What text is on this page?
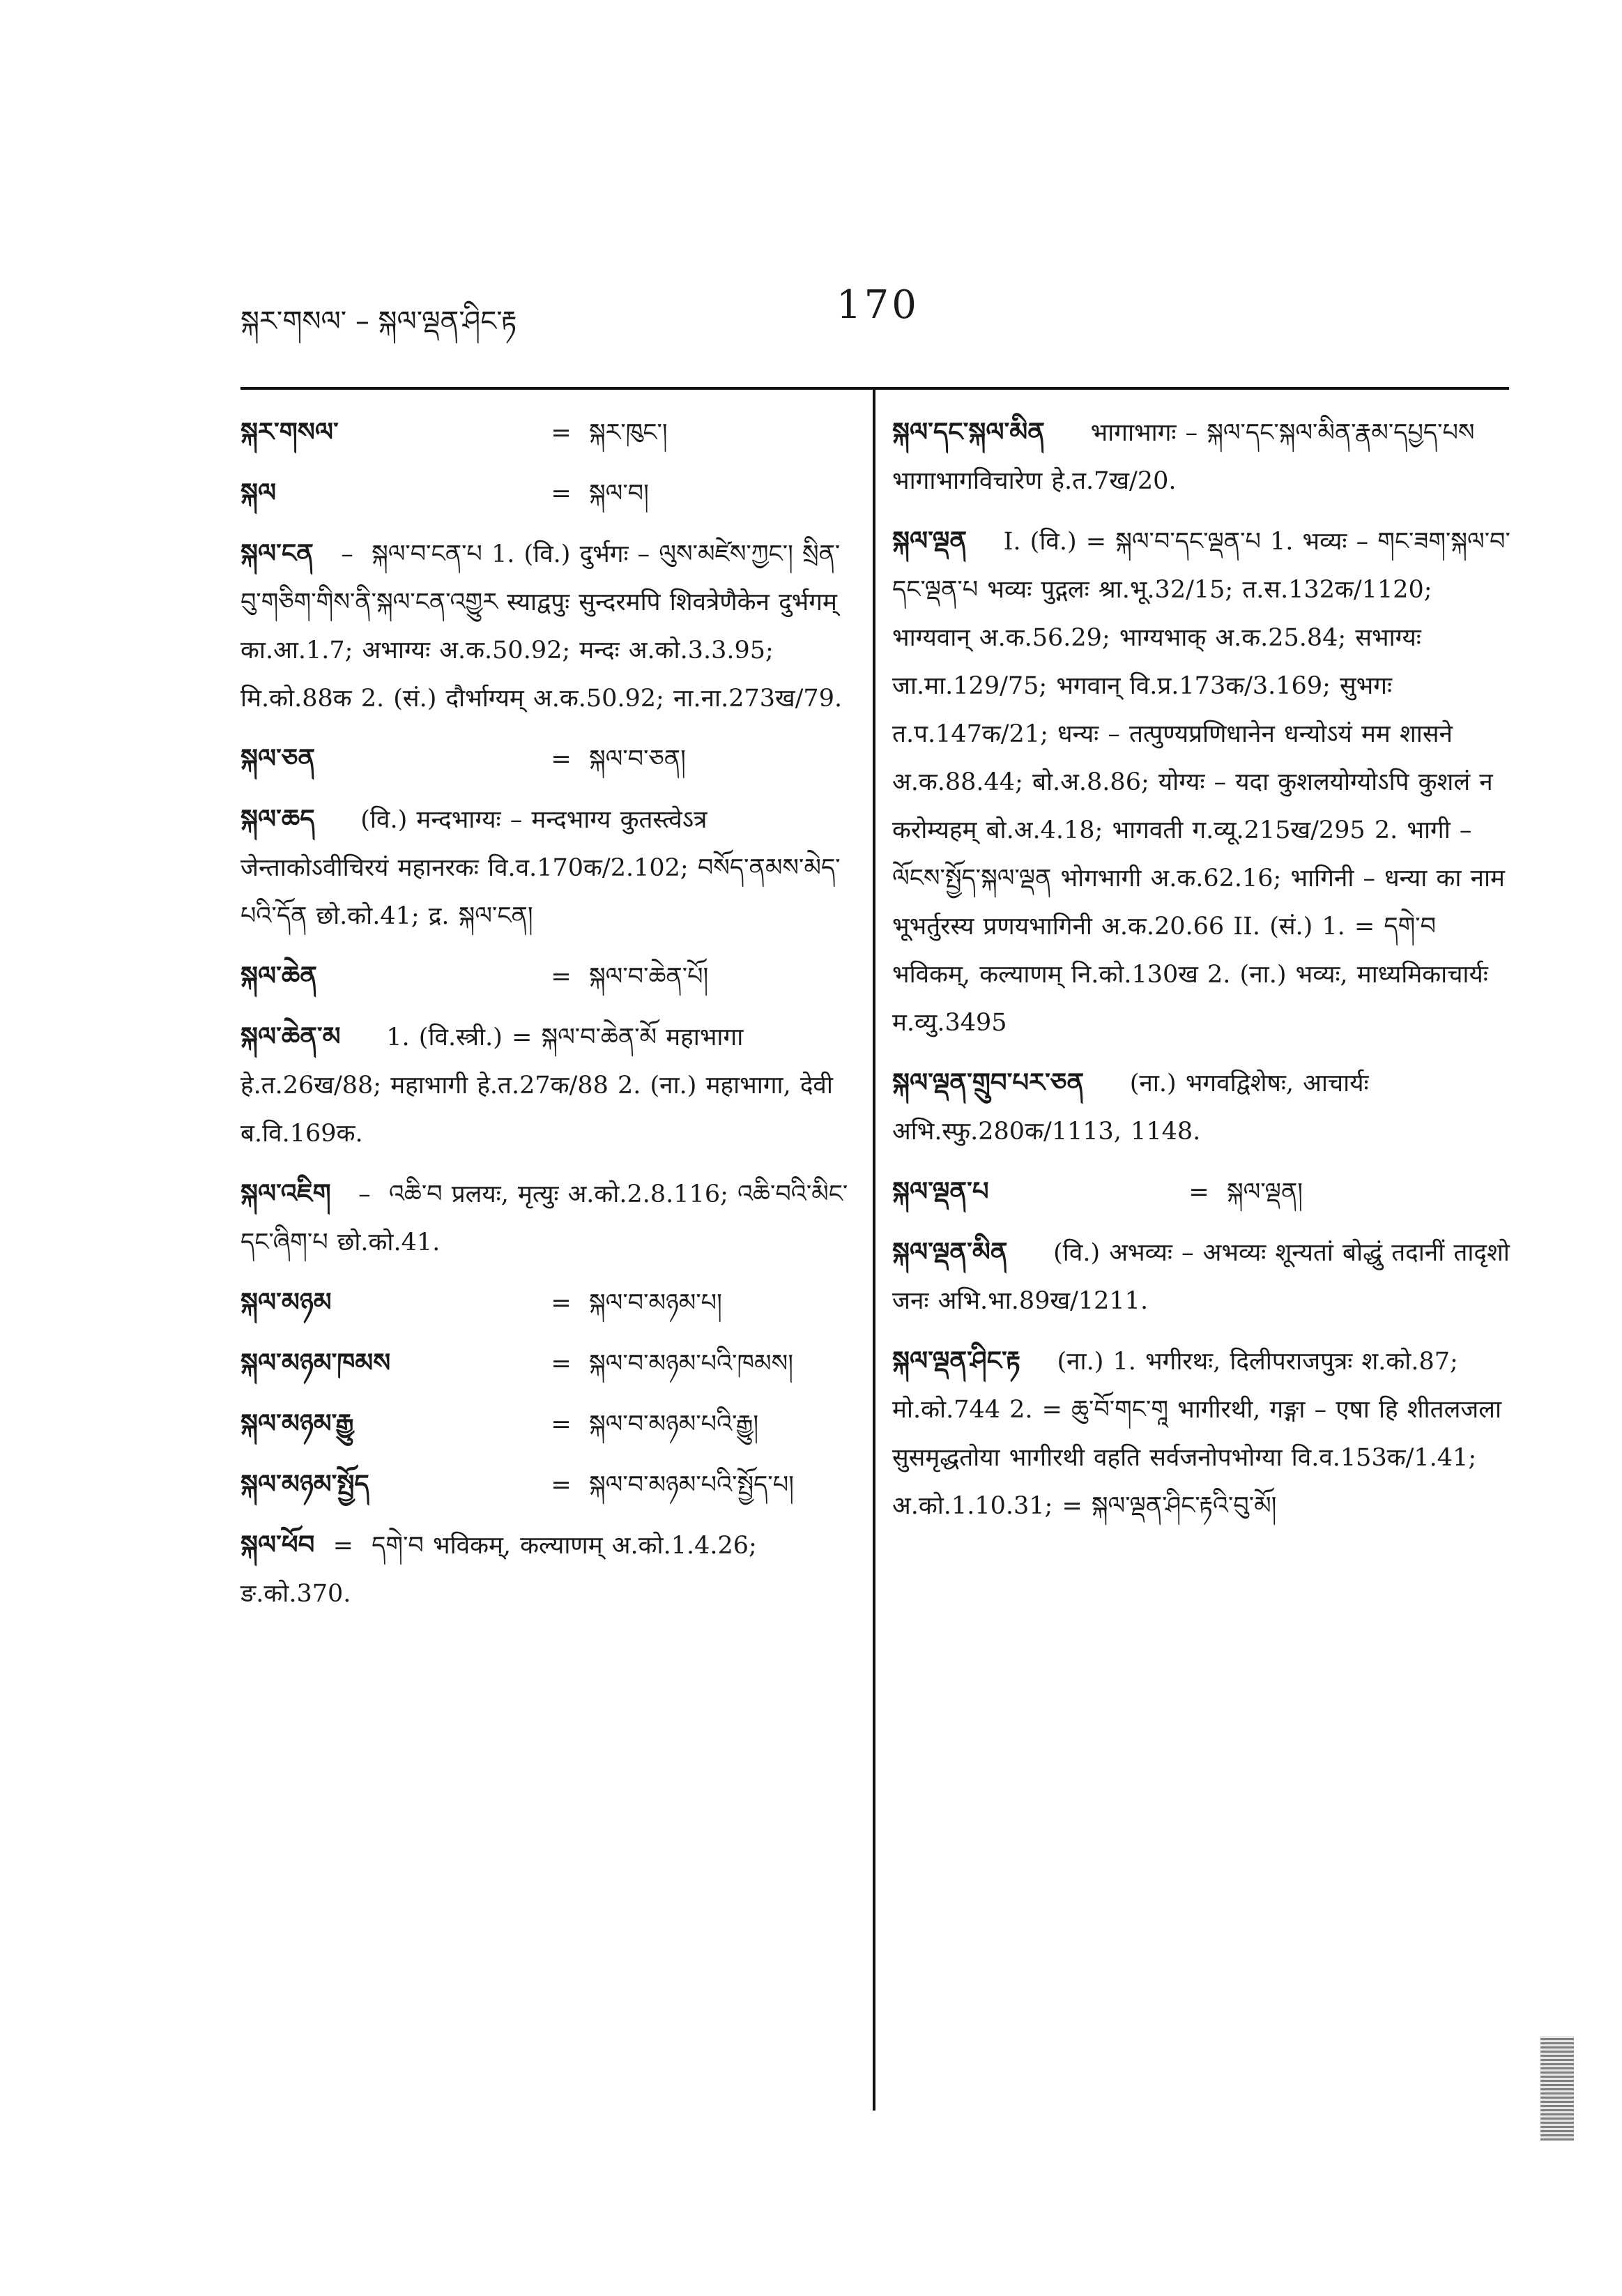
སྐར་གསལ་ – སྐལ་ལྡན་ཤིང་རྟ	170
སྐར་གསལ་	= སྐར་ཁུང་།
སྐལ	= སྐལ་བ།
སྐལ་ངན – སྐལ་བ་ངན་པ 1. (वि.) दुर्भगः – ལུས་མཛེས་ཀྱང་། སྲིན་བུ་གཅིག་གིས་ནི་སྐལ་ངན་འགྱུར स्याद्वपुः सुन्दरमपि शिवत्रेणैकेन दुर्भगम् का.आ.1.7; अभाग्यः अ.क.50.92; मन्दः अ.को.3.3.95; मि.को.88क 2. (सं.) दौर्भाग्यम् अ.क.50.92; ना.ना.273ख/79.
སྐལ་ཅན	= སྐལ་བ་ཅན།
སྐལ་ཆད (वि.) मन्दभाग्यः – मन्दभाग्य कुतस्त्वेऽत्र जेन्ताकोऽवीचिरयं महानरकः वि.व.170क/2.102; བསོད་ནམས་མེད་པའི་དོན छो.को.41; द्र. སྐལ་ངན།
སྐལ་ཆེན	= སྐལ་བ་ཆེན་པོ།
སྐལ་ཆེན་མ 1. (वि.स्त्री.) = སྐལ་བ་ཆེན་མོ महाभागा हे.त.26ख/88; महाभागी हे.त.27क/88 2. (ना.) महाभागा, देवी ब.वि.169क.
སྐལ་འཇིག – འཆི་བ प्रलयः, मृत्युः अ.को.2.8.116; འཆི་བའི་མིང་དང་ཞིག་པ छो.को.41.
སྐལ་མཉམ	= སྐལ་བ་མཉམ་པ།
སྐལ་མཉམ་ཁམས	= སྐལ་བ་མཉམ་པའི་ཁམས།
སྐལ་མཉམ་རྒྱུ	= སྐལ་བ་མཉམ་པའི་རྒྱུ།
སྐལ་མཉམ་སྤྱོད	= སྐལ་བ་མཉམ་པའི་སྤྱོད་པ།
སྐལ་ཕོབ = དགེ་བ भविकम्, कल्याणम् अ.को.1.4.26; ङ.को.370.
སྐལ་དང་སྐལ་མིན भागाभागः – སྐལ་དང་སྐལ་མིན་རྣམ་དཔྱད་པས भागाभागविचारेण हे.त.7ख/20.
སྐལ་ལྡན I. (वि.) = སྐལ་བ་དང་ལྡན་པ 1. भव्यः – གང་ཟག་སྐལ་བ་དང་ལྡན་པ भव्यः पुद्गलः श्रा.भू.32/15; त.स.132क/1120; भाग्यवान् अ.क.56.29; भाग्यभाक् अ.क.25.84; सभाग्यः जा.मा.129/75; भगवान् वि.प्र.173क/3.169; सुभगः त.प.147क/21; धन्यः – तत्पुण्यप्रणिधानेन धन्योऽयं मम शासने अ.क.88.44; बो.अ.8.86; योग्यः – यदा कुशलयोग्योऽपि कुशलं न करोम्यहम् बो.अ.4.18; भागवती ग.व्यू.215ख/295 2. भागी – ལོངས་སྤྱོད་སྐལ་ལྡན भोगभागी अ.क.62.16; भागिनी – धन्या का नाम भूभर्तुरस्य प्रणयभागिनी अ.क.20.66 II. (सं.) 1. = དགེ་བ भविकम्, कल्याणम् नि.को.130ख 2. (ना.) भव्यः, माध्यमिकाचार्यः म.व्यु.3495
སྐལ་ལྡན་གྲུབ་པར་ཅན (ना.) भगवद्विशेषः, आचार्यः अभि.स्फु.280क/1113, 1148.
སྐལ་ལྡན་པ	= སྐལ་ལྡན།
སྐལ་ལྡན་མིན (वि.) अभव्यः – अभव्यः शून्यतां बोद्धुं तदानीं तादृशो जनः अभि.भा.89ख/1211.
སྐལ་ལྡན་ཤིང་རྟ (ना.) 1. भगीरथः, दिलीपराजपुत्रः श.को.87; मो.को.744 2. = ཆུ་བོ་གང་གཱ भागीरथी, गङ्गा – एषा हि शीतलजला सुसमृद्धतोया भागीरथी वहति सर्वजनोपभोग्या वि.व.153क/1.41; अ.को.1.10.31; = སྐལ་ལྡན་ཤིང་རྟའི་བུ་མོ།
